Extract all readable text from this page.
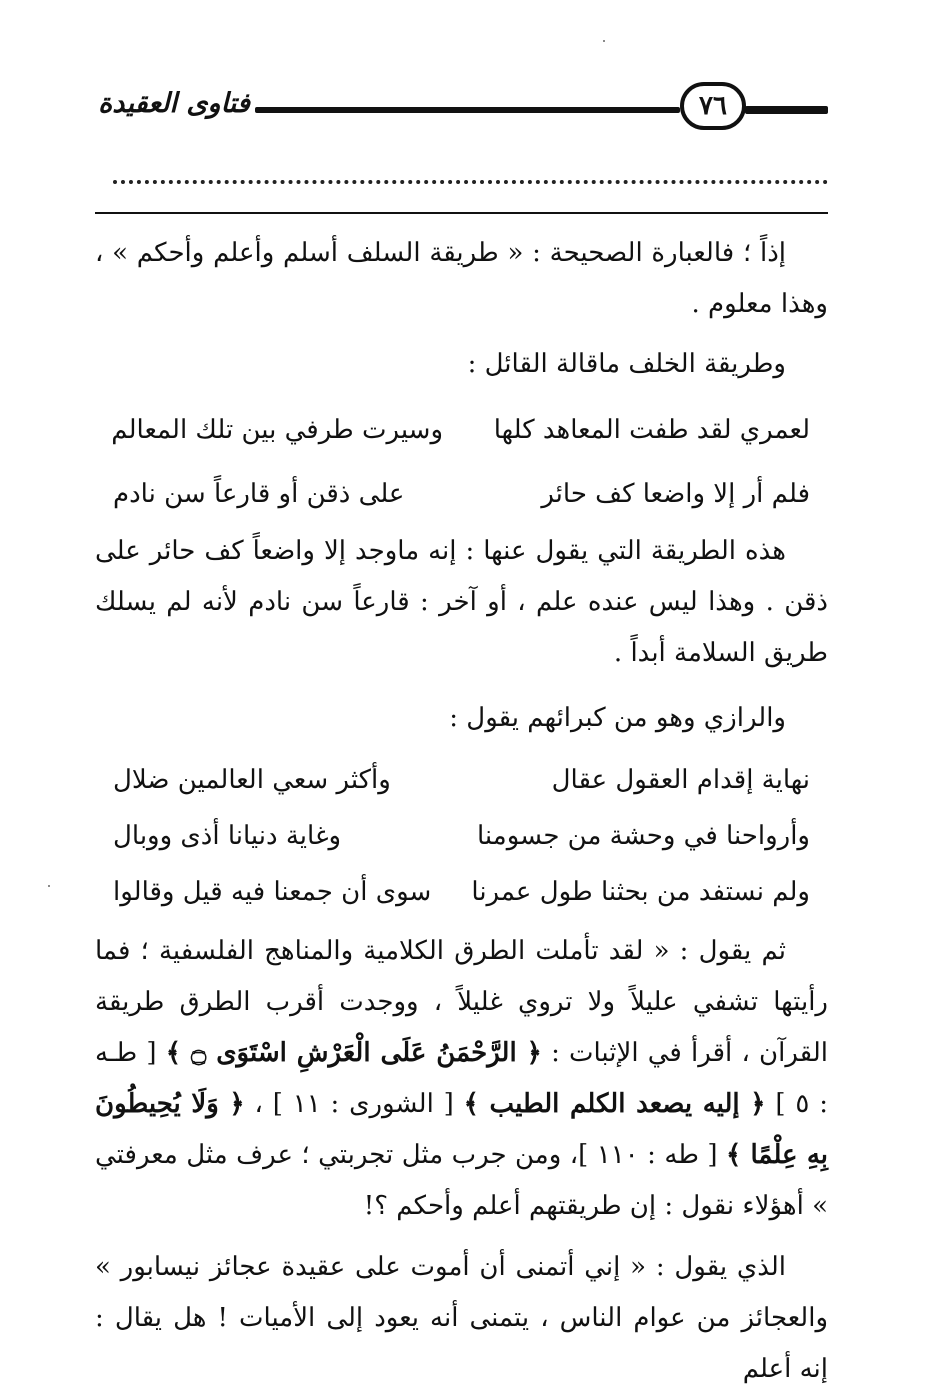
فتاوى العقيدة	٧٦

إذاً ؛ فالعبارة الصحيحة : « طريقة السلف أسلم وأعلم وأحكم » ، وهذا معلوم .

وطريقة الخلف ماقالة القائل :

لعمري لقد طفت المعاهد كلها
وسيرت طرفي بين تلك المعالم
فلم أر إلا واضعا كف حائر
على ذقن أو قارعاً سن نادم

هذه الطريقة التي يقول عنها : إنه ماوجد إلا واضعاً كف حائر على ذقن . وهذا ليس عنده علم ، أو آخر : قارعاً سن نادم لأنه لم يسلك طريق السلامة أبداً .

والرازي وهو من كبرائهم يقول :

نهاية إقدام العقول عقال
وأكثر سعي العالمين ضلال
وأرواحنا في وحشة من جسومنا
وغاية دنيانا أذى ووبال
ولم نستفد من بحثنا طول عمرنا
سوى أن جمعنا فيه قيل وقالوا

ثم يقول : « لقد تأملت الطرق الكلامية والمناهج الفلسفية ؛ فما رأيتها تشفي عليلاً ولا تروي غليلاً ، ووجدت أقرب الطرق طريقة القرآن ، أقرأ في الإثبات : ﴿ الرَّحْمَنُ عَلَى الْعَرْشِ اسْتَوَى ۝ ﴾ [ طـه : ٥ ] ﴿ إليه يصعد الكلم الطيب ﴾ [ الشورى : ١١ ] ، ﴿ وَلَا يُحِيطُونَ بِهِ عِلْمًا ﴾ [ طه : ١١٠ ]، ومن جرب مثل تجربتي ؛ عرف مثل معرفتي » أهؤلاء نقول : إن طريقتهم أعلم وأحكم ؟!

الذي يقول : « إني أتمنى أن أموت على عقيدة عجائز نيسابور » والعجائز من عوام الناس ، يتمنى أنه يعود إلى الأميات ! هل يقال : إنه أعلم
